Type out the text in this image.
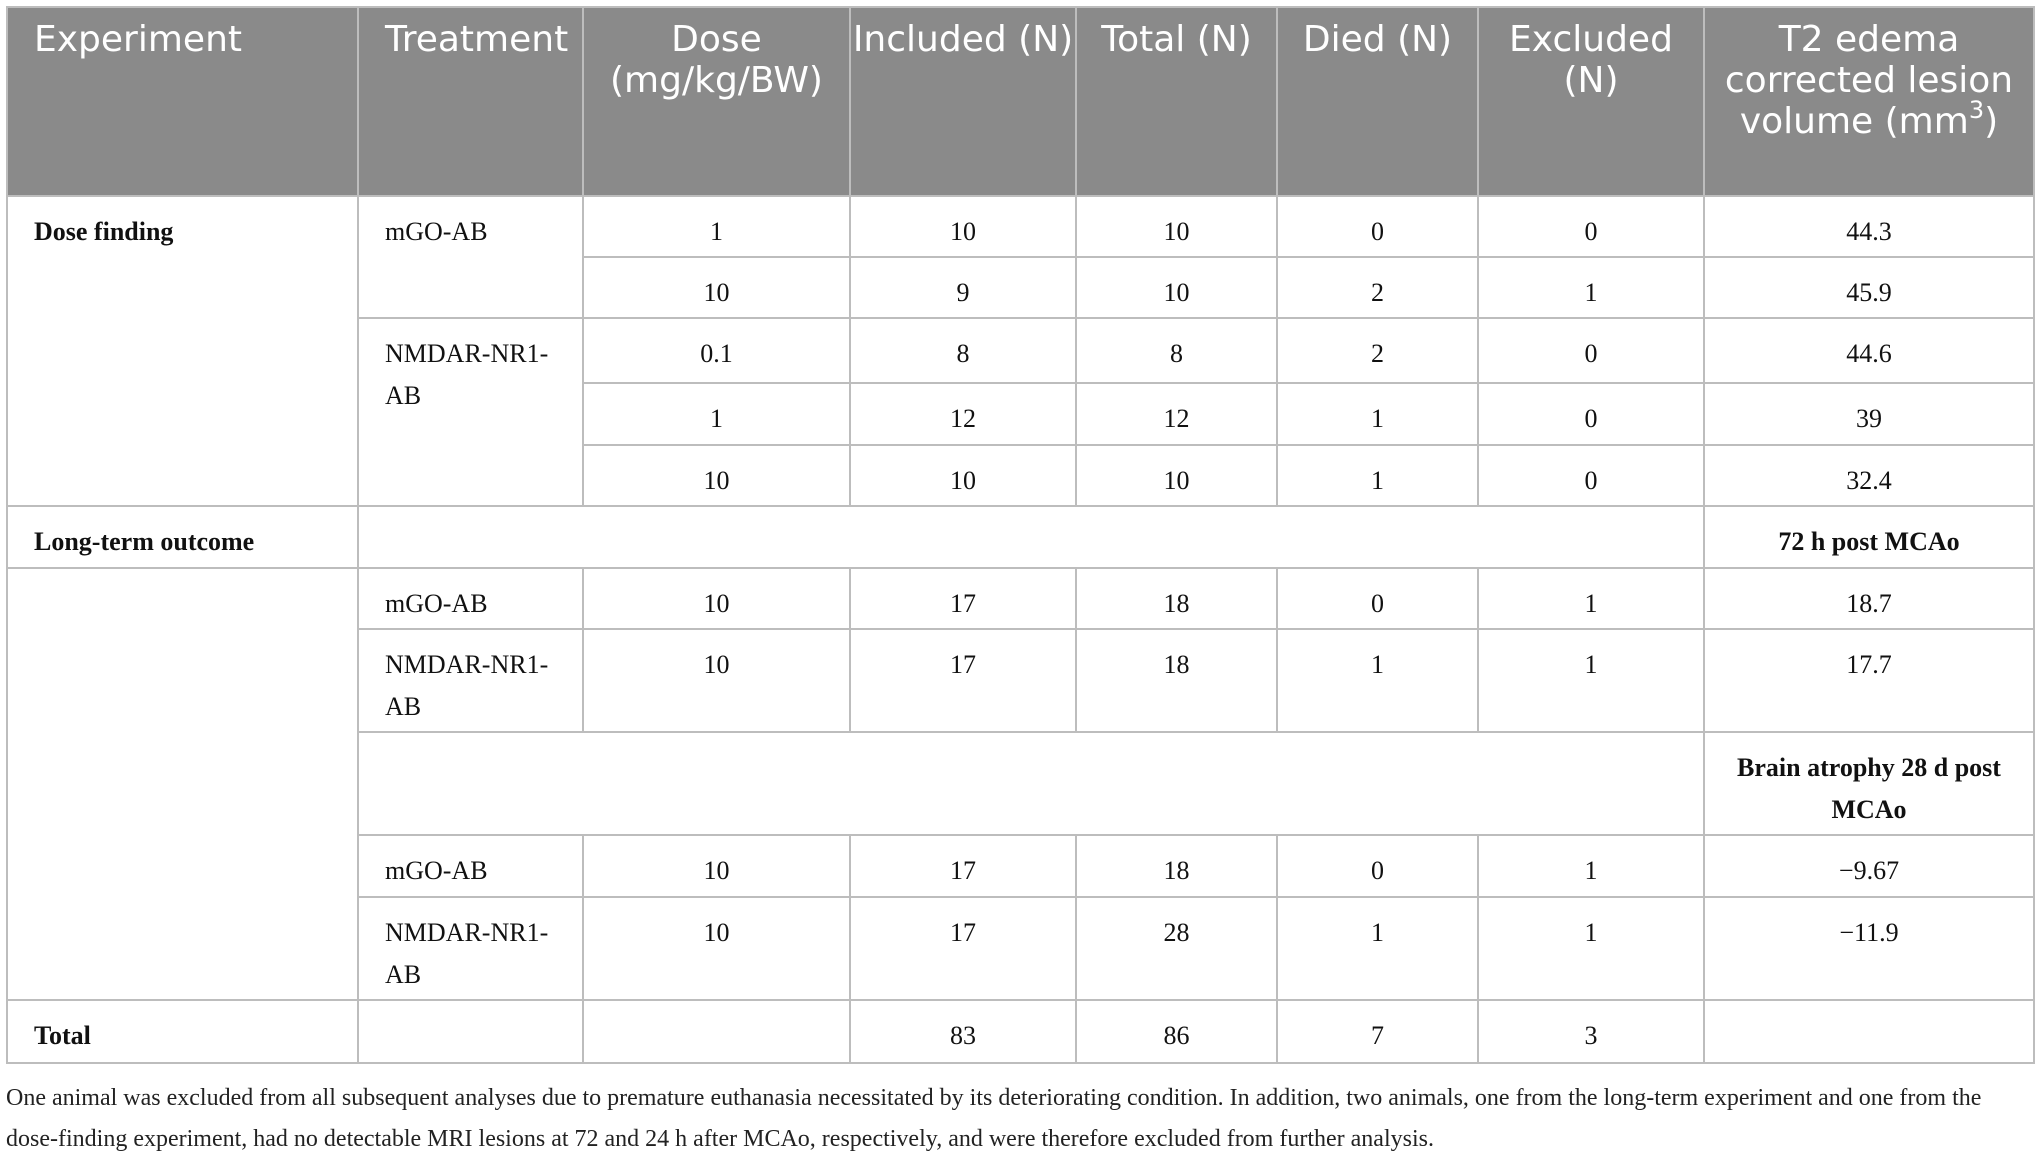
Experiment	Treatment	Dose (mg/kg/BW)	Included (N)	Total (N)	Died (N)	Excluded (N)	T2 edema corrected lesion volume $(mm^3)$
Dose finding	mGO-AB	1	10	10	0	0	44.3
		10	9	10	2	1	45.9
	NMDAR-NR1-AB	0.1	8	8	2	0	44.6
		1	12	12	1	0	39
		10	10	10	1	0	32.4
Long-term outcome							72 h post MCAo
	mGO-AB	10	17	18	0	1	18.7
	NMDAR-NR1-AB	10	17	18	1	1	17.7
							Brain atrophy 28 d post MCAo
	mGO-AB	10	17	18	0	1	−9.67
	NMDAR-NR1-AB	10	17	28	1	1	−11.9
Total			83	86	7	3	

One animal was excluded from all subsequent analyses due to premature euthanasia necessitated by its deteriorating condition. In addition, two animals, one from the long-term experiment and one from the dose-finding experiment, had no detectable MRI lesions at 72 and 24 h after MCAo, respectively, and were therefore excluded from further analysis.
